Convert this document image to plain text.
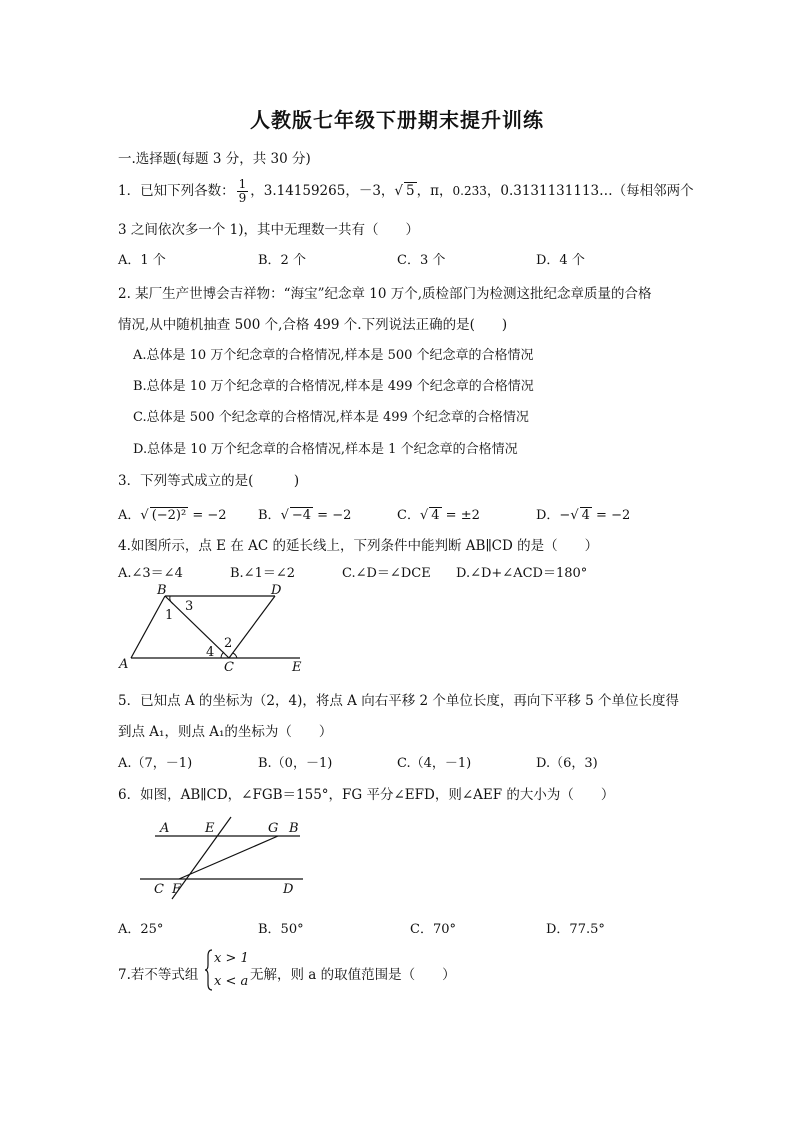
人教版七年级下册期末提升训练
一.选择题(每题 3 分，共 30 分)
1．已知下列各数： $\frac{1}{9}$ ，3.14159265，－3，√ 5 ，π，0.23̇3̇，0.3131131113…（每相邻两个
3 之间依次多一个 1)，其中无理数一共有（　　）
A．1 个	B．2 个	C．3 个	D．4 个
2. 某厂生产世博会吉祥物：“海宝”纪念章 10 万个,质检部门为检测这批纪念章质量的合格
情况,从中随机抽查 500 个,合格 499 个.下列说法正确的是(　　)
A.总体是 10 万个纪念章的合格情况,样本是 500 个纪念章的合格情况
B.总体是 10 万个纪念章的合格情况,样本是 499 个纪念章的合格情况
C.总体是 500 个纪念章的合格情况,样本是 499 个纪念章的合格情况
D.总体是 10 万个纪念章的合格情况,样本是 1 个纪念章的合格情况
3．下列等式成立的是(　　　)
A．√ (−2)² = −2 B．√ −4 = −2	C．√ 4 = ±2	D．−√ 4 = −2
4.如图所示，点 E 在 AC 的延长线上，下列条件中能判断 AB∥CD 的是（　　）
A.∠3＝∠4	B.∠1＝∠2	C.∠D＝∠DCE D.∠D+∠ACD＝180°
B	D
A	C	E
1
3
2
4
5．已知点 A 的坐标为（2，4)，将点 A 向右平移 2 个单位长度，再向下平移 5 个单位长度得
到点 A₁，则点 A₁的坐标为（　　）
A.（7，－1)	B.（0，－1)	C.（4，－1)	D.（6，3)
6．如图，AB∥CD，∠FGB＝155°，FG 平分∠EFD，则∠AEF 的大小为（　　）
A	E	G B
C F	D
A．25°	B．50°	C．70°	D．77.5°
7.若不等式组
x > 1
x < a 无解，则 a 的取值范围是（　　）
